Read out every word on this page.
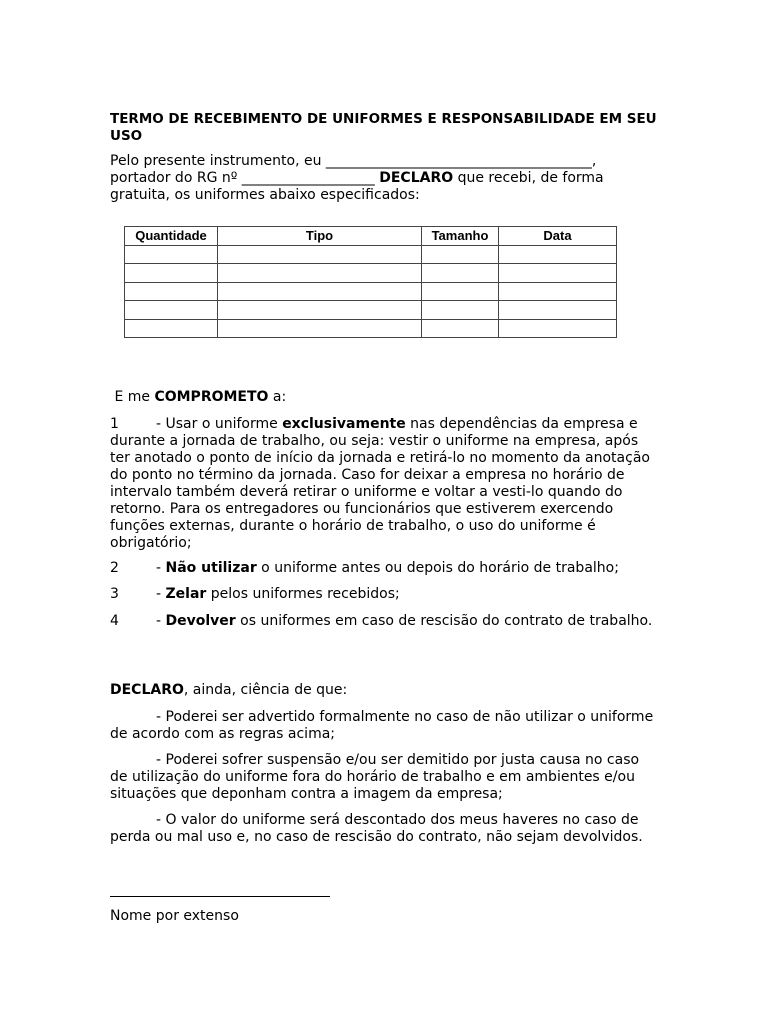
TERMO DE RECEBIMENTO DE UNIFORMES E RESPONSABILIDADE EM SEU USO
Pelo presente instrumento, eu ______________________________________,
portador do RG nº ___________________ DECLARO que recebi, de forma gratuita, os uniformes abaixo especificados:
Quantidade	Tipo	Tamanho	Data

E me COMPROMETO a:
1	- Usar o uniforme exclusivamente nas dependências da empresa e durante a jornada de trabalho, ou seja: vestir o uniforme na empresa, após ter anotado o ponto de início da jornada e retirá-lo no momento da anotação do ponto no término da jornada. Caso for deixar a empresa no horário de intervalo também deverá retirar o uniforme e voltar a vesti-lo quando do retorno. Para os entregadores ou funcionários que estiverem exercendo funções externas, durante o horário de trabalho, o uso do uniforme é obrigatório;
2	- Não utilizar o uniforme antes ou depois do horário de trabalho;
3	- Zelar pelos uniformes recebidos;
4	- Devolver os uniformes em caso de rescisão do contrato de trabalho.
DECLARO, ainda, ciência de que:
- Poderei ser advertido formalmente no caso de não utilizar o uniforme de acordo com as regras acima;
- Poderei sofrer suspensão e/ou ser demitido por justa causa no caso de utilização do uniforme fora do horário de trabalho e em ambientes e/ou situações que deponham contra a imagem da empresa;
- O valor do uniforme será descontado dos meus haveres no caso de perda ou mal uso e, no caso de rescisão do contrato, não sejam devolvidos.
Nome por extenso
